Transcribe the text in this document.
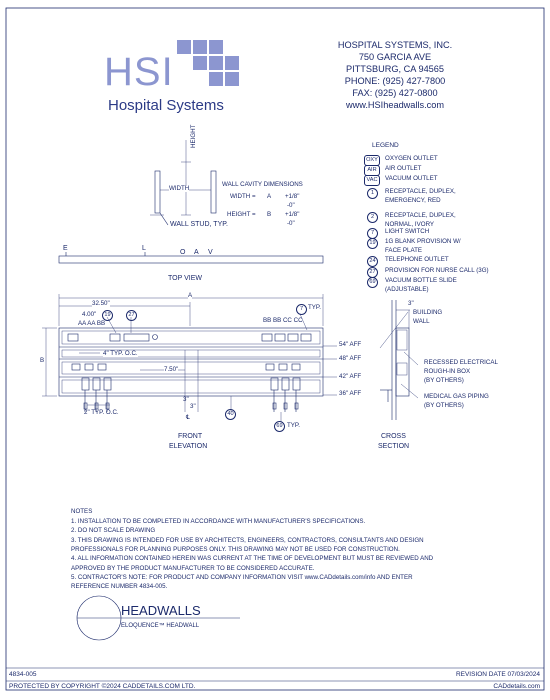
HSI
Hospital Systems
HOSPITAL SYSTEMS, INC.
750 GARCIA AVE
PITTSBURG, CA 94565
PHONE: (925) 427-7800
FAX: (925) 427-0800
www.HSIheadwalls.com
HEIGHT
WIDTH
WALL CAVITY DIMENSIONS
WIDTH = A +1/8"
-0"
HEIGHT = B +1/8"
-0"
WALL STUD, TYP.
LEGEND
OXY	OXYGEN OUTLET
AIR	AIR OUTLET
VAC	VACUUM OUTLET
1	RECEPTACLE, DUPLEX,
EMERGENCY, RED
2	RECEPTACLE, DUPLEX,
NORMAL, IVORY
7	LIGHT SWITCH
19	1G BLANK PROVISION W/
FACE PLATE
24	TELEPHONE OUTLET
27	PROVISION FOR NURSE CALL (3G)
69	VACUUM BOTTLE SLIDE
(ADJUSTABLE)
E	L
O A V
TOP VIEW
A
32.50"
B
4.00"
AA AA BB
19	27
7 TYP.
BB BB CC CC
4" TYP. O.C.
7.50"
2" TYP. O.C.
3"
3"
℄	40
69 TYP.
54" AFF
48" AFF
42" AFF
36" AFF
FRONT
ELEVATION
3"
BUILDING
WALL
RECESSED ELECTRICAL
ROUGH-IN BOX
(BY OTHERS)
MEDICAL GAS PIPING
(BY OTHERS)
CROSS
SECTION
NOTES
1. INSTALLATION TO BE COMPLETED IN ACCORDANCE WITH MANUFACTURER'S SPECIFICATIONS.
2. DO NOT SCALE DRAWING
3. THIS DRAWING IS INTENDED FOR USE BY ARCHITECTS, ENGINEERS, CONTRACTORS, CONSULTANTS AND DESIGN
PROFESSIONALS FOR PLANNING PURPOSES ONLY. THIS DRAWING MAY NOT BE USED FOR CONSTRUCTION.
4. ALL INFORMATION CONTAINED HEREIN WAS CURRENT AT THE TIME OF DEVELOPMENT BUT MUST BE REVIEWED AND
APPROVED BY THE PRODUCT MANUFACTURER TO BE CONSIDERED ACCURATE.
5. CONTRACTOR'S NOTE: FOR PRODUCT AND COMPANY INFORMATION VISIT www.CADdetails.com/info AND ENTER
REFERENCE NUMBER 4834-005.
HEADWALLS
ELOQUENCE™ HEADWALL
4834-005	REVISION DATE 07/03/2024
PROTECTED BY COPYRIGHT ©2024 CADDETAILS.COM LTD.	CADdetails.com
